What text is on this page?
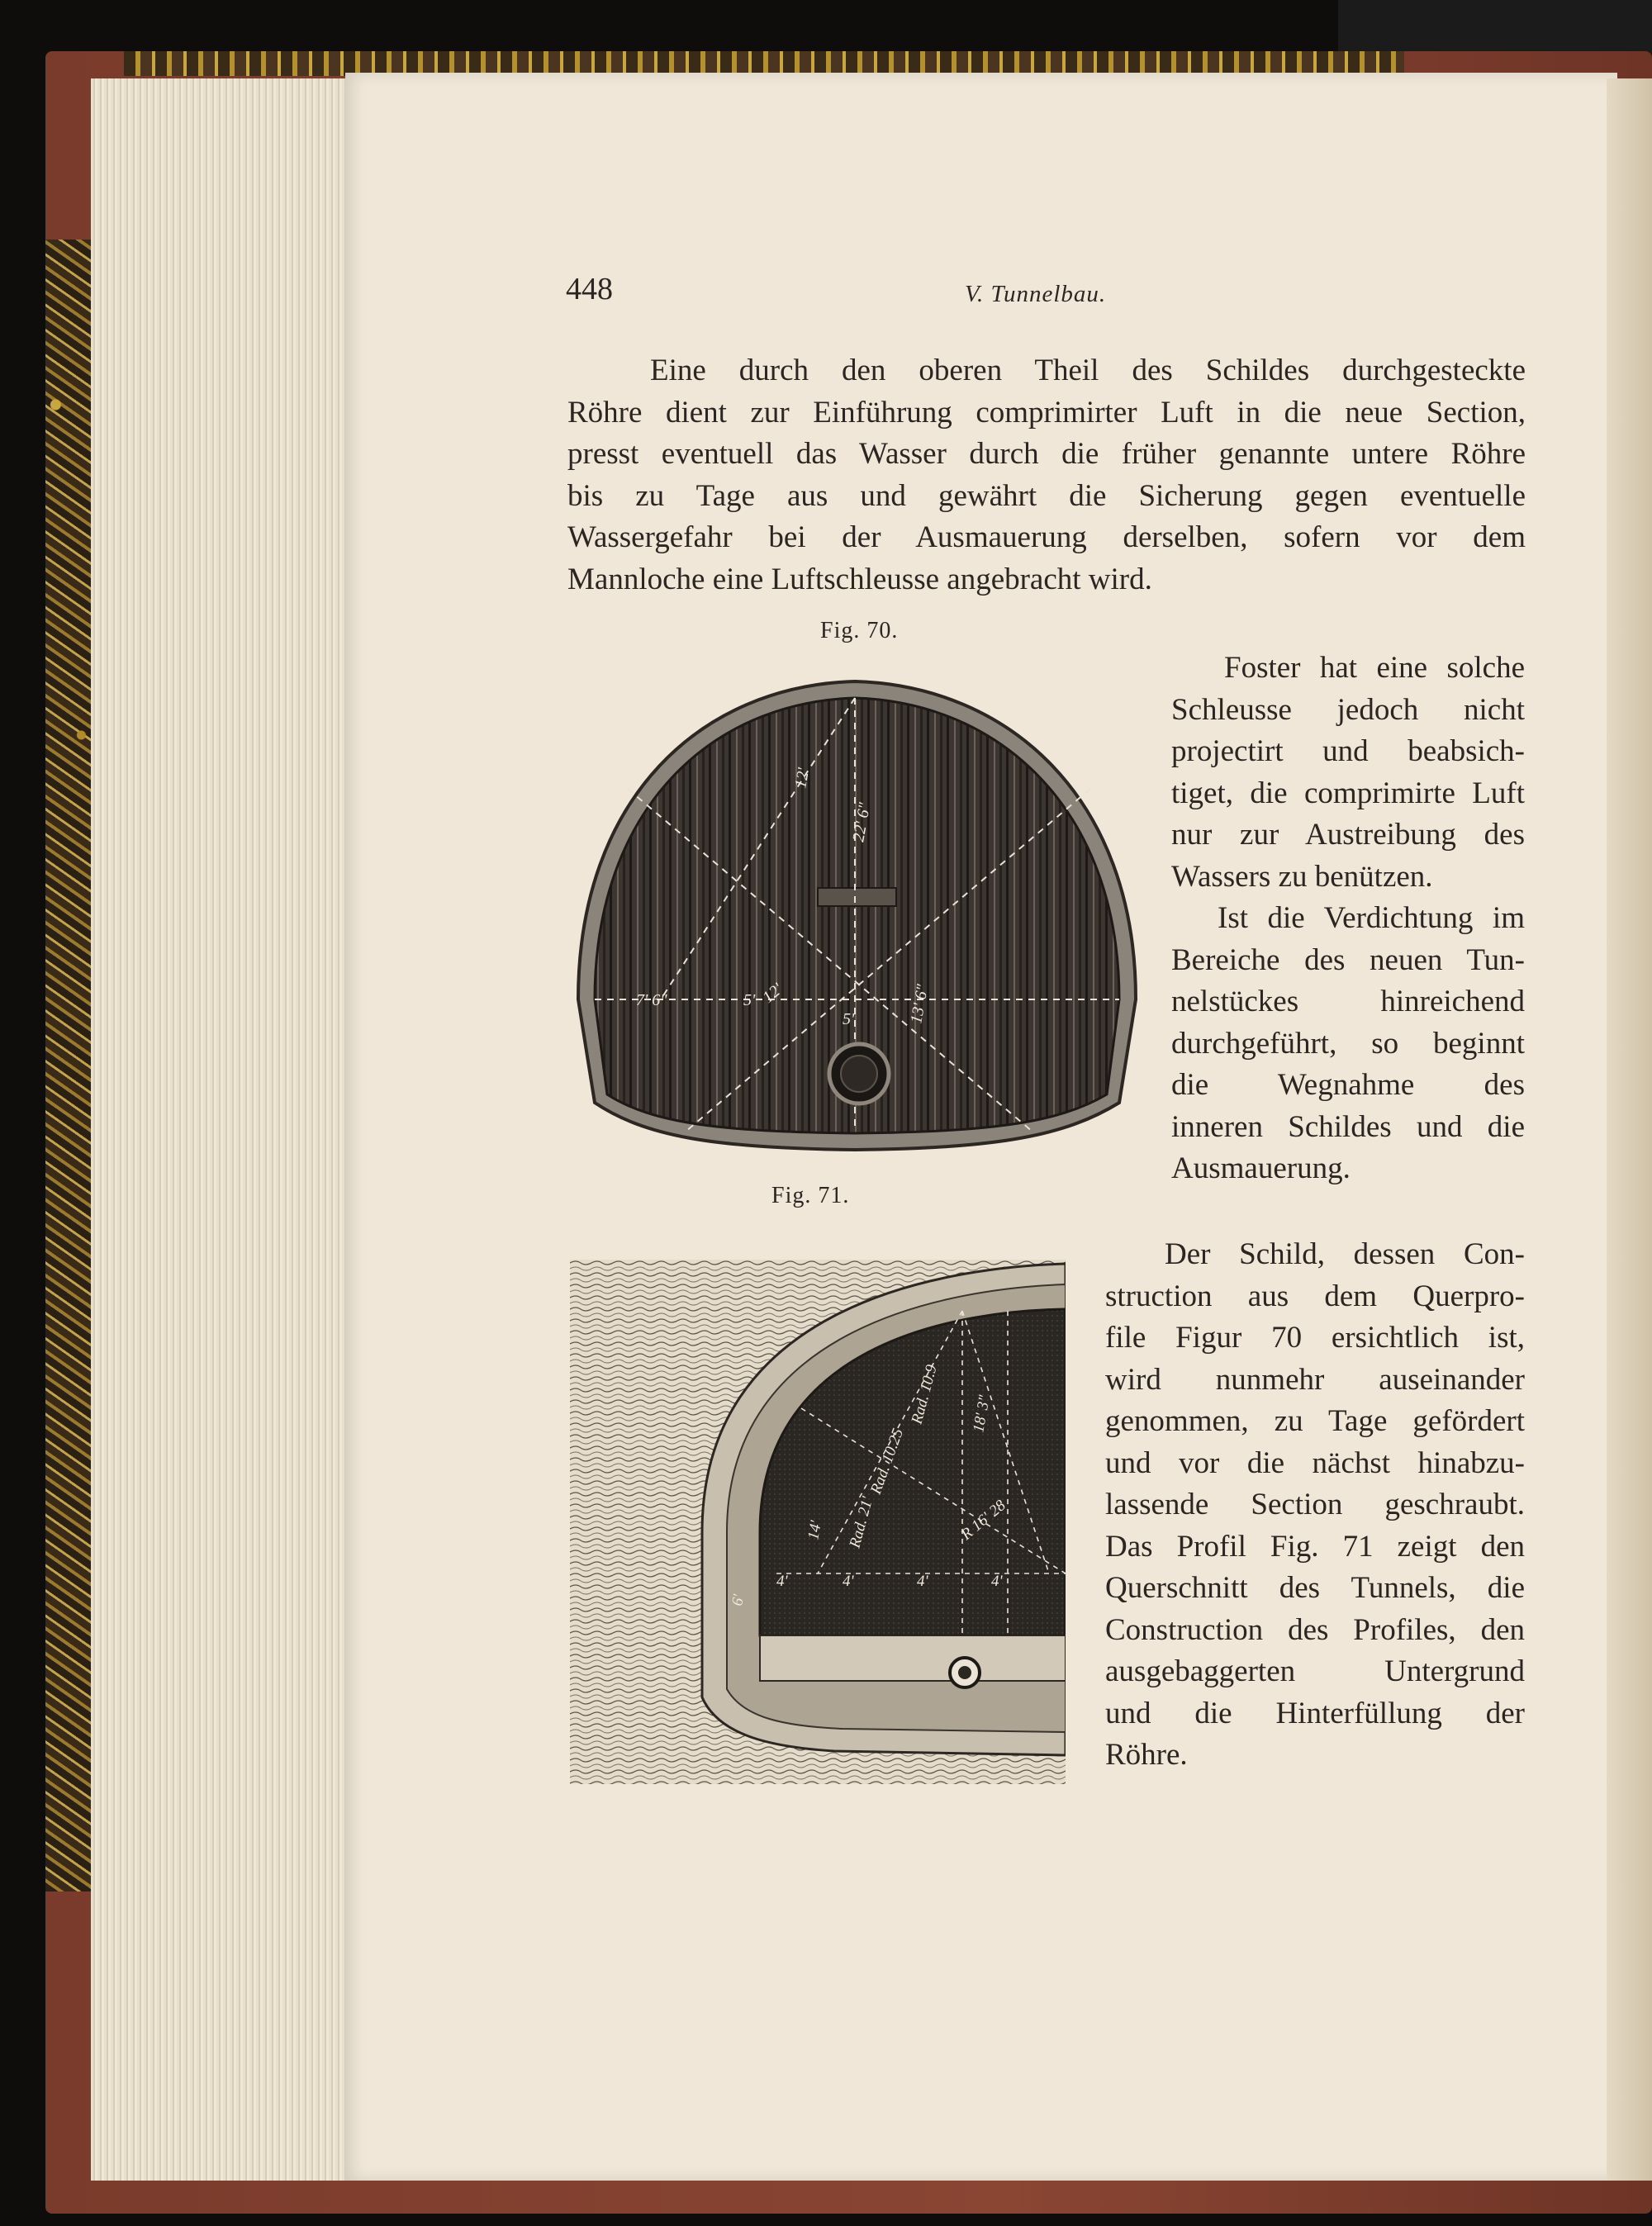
448	V. Tunnelbau.
Eine durch den oberen Theil des Schildes durchgesteckte
Röhre dient zur Einführung comprimirter Luft in die neue Section,
presst eventuell das Wasser durch die früher genannte untere Röhre
bis zu Tage aus und gewährt die Sicherung gegen eventuelle
Wassergefahr bei der Ausmauerung derselben, sofern vor dem
Mannloche eine Luftschleusse angebracht wird.
Fig. 70.
12'
22' 6"
7' 6"	5' 12'
5'	13' 6"
Foster hat eine solche
Schleusse jedoch nicht
projectirt und beabsich-
tiget, die comprimirte Luft
nur zur Austreibung des
Wassers zu benützen.
Ist die Verdichtung im
Bereiche des neuen Tun-
nelstückes hinreichend
durchgeführt, so beginnt
die Wegnahme des
inneren Schildes und die
Ausmauerung.
Fig. 71.
Rad. 10.9 18' 3"
Rad. 10.25
R 16' 28
Rad. 21'
14'
4'	4'	4'	4'
6'
Der Schild, dessen Con-
struction aus dem Querpro-
file Figur 70 ersichtlich ist,
wird nunmehr auseinander
genommen, zu Tage gefördert
und vor die nächst hinabzu-
lassende Section geschraubt.
Das Profil Fig. 71 zeigt den
Querschnitt des Tunnels, die
Construction des Profiles, den
ausgebaggerten Untergrund
und die Hinterfüllung der
Röhre.
